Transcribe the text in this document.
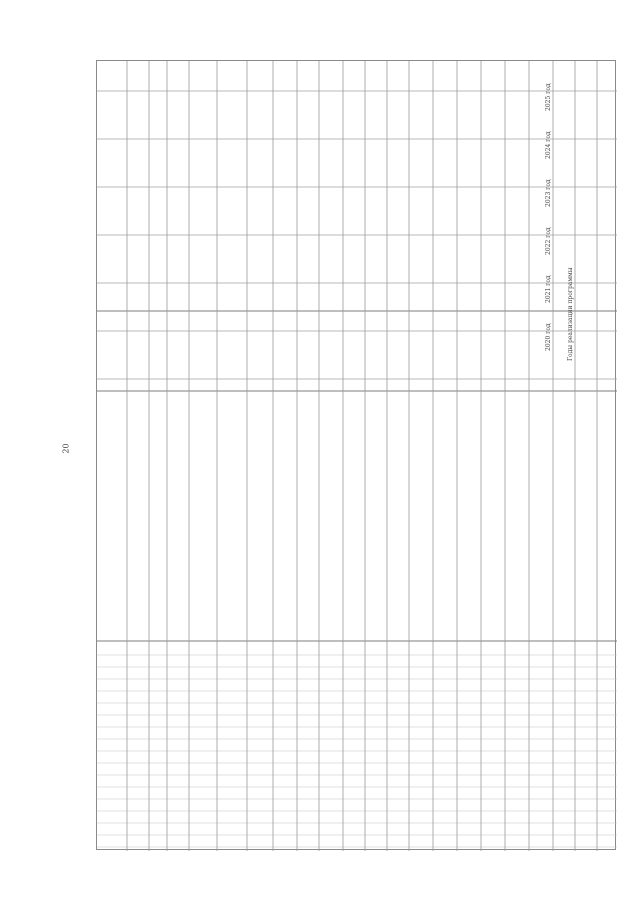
20
Годы реализации программы
2020 год
2021 год
2022 год
2023 год
2024 год
2025 год
